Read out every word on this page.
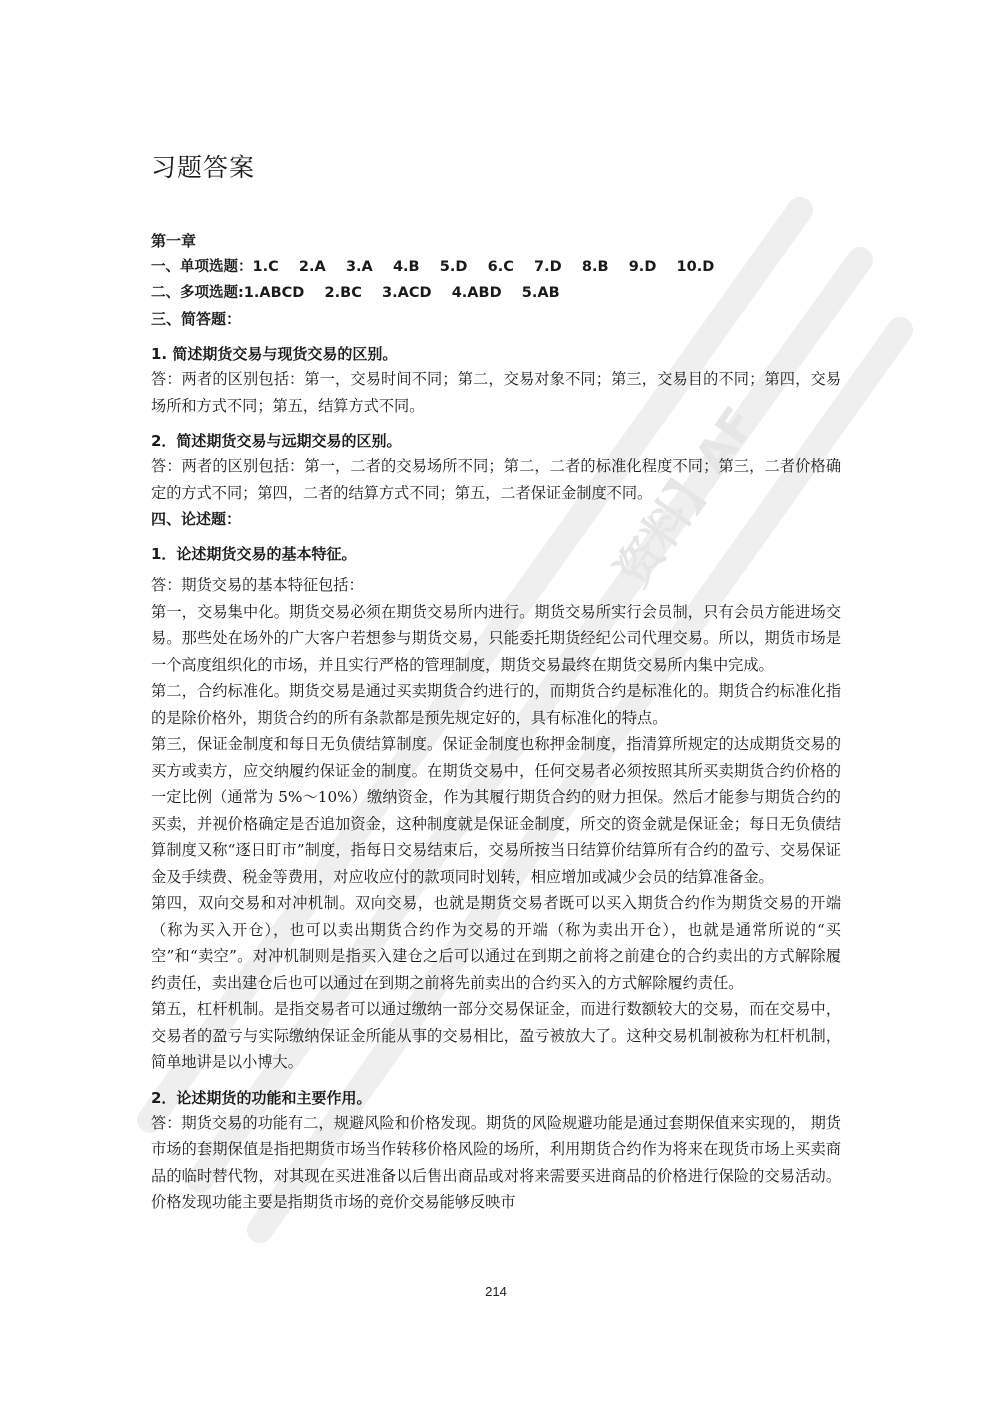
资料】AF
习题答案

第一章

一、单项选题：1.C    2.A    3.A    4.B    5.D    6.C    7.D    8.B    9.D    10.D

二、多项选题:1.ABCD    2.BC    3.ACD    4.ABD    5.AB

三、简答题：

1. 简述期货交易与现货交易的区别。

答：两者的区别包括：第一，交易时间不同；第二，交易对象不同；第三，交易目的不同；第四，交易场所和方式不同；第五，结算方式不同。

2．简述期货交易与远期交易的区别。

答：两者的区别包括：第一，二者的交易场所不同；第二，二者的标准化程度不同；第三，二者价格确定的方式不同；第四，二者的结算方式不同；第五，二者保证金制度不同。

四、论述题：

1．论述期货交易的基本特征。

答：期货交易的基本特征包括：

第一，交易集中化。期货交易必须在期货交易所内进行。期货交易所实行会员制，只有会员方能进场交易。那些处在场外的广大客户若想参与期货交易，只能委托期货经纪公司代理交易。所以，期货市场是一个高度组织化的市场，并且实行严格的管理制度，期货交易最终在期货交易所内集中完成。

第二，合约标准化。期货交易是通过买卖期货合约进行的，而期货合约是标准化的。期货合约标准化指的是除价格外，期货合约的所有条款都是预先规定好的，具有标准化的特点。

第三，保证金制度和每日无负债结算制度。保证金制度也称押金制度，指清算所规定的达成期货交易的买方或卖方，应交纳履约保证金的制度。在期货交易中，任何交易者必须按照其所买卖期货合约价格的一定比例（通常为 5%～10%）缴纳资金，作为其履行期货合约的财力担保。然后才能参与期货合约的买卖，并视价格确定是否追加资金，这种制度就是保证金制度，所交的资金就是保证金；每日无负债结算制度又称“逐日盯市”制度，指每日交易结束后，交易所按当日结算价结算所有合约的盈亏、交易保证金及手续费、税金等费用，对应收应付的款项同时划转，相应增加或减少会员的结算准备金。

第四，双向交易和对冲机制。双向交易，也就是期货交易者既可以买入期货合约作为期货交易的开端（称为买入开仓），也可以卖出期货合约作为交易的开端（称为卖出开仓），也就是通常所说的“买空”和“卖空”。对冲机制则是指买入建仓之后可以通过在到期之前将之前建仓的合约卖出的方式解除履约责任，卖出建仓后也可以通过在到期之前将先前卖出的合约买入的方式解除履约责任。

第五，杠杆机制。是指交易者可以通过缴纳一部分交易保证金，而进行数额较大的交易，而在交易中，交易者的盈亏与实际缴纳保证金所能从事的交易相比，盈亏被放大了。这种交易机制被称为杠杆机制，简单地讲是以小博大。

2．论述期货的功能和主要作用。

答：期货交易的功能有二，规避风险和价格发现。期货的风险规避功能是通过套期保值来实现的， 期货市场的套期保值是指把期货市场当作转移价格风险的场所，利用期货合约作为将来在现货市场上买卖商品的临时替代物，对其现在买进准备以后售出商品或对将来需要买进商品的价格进行保险的交易活动。价格发现功能主要是指期货市场的竞价交易能够反映市

214
